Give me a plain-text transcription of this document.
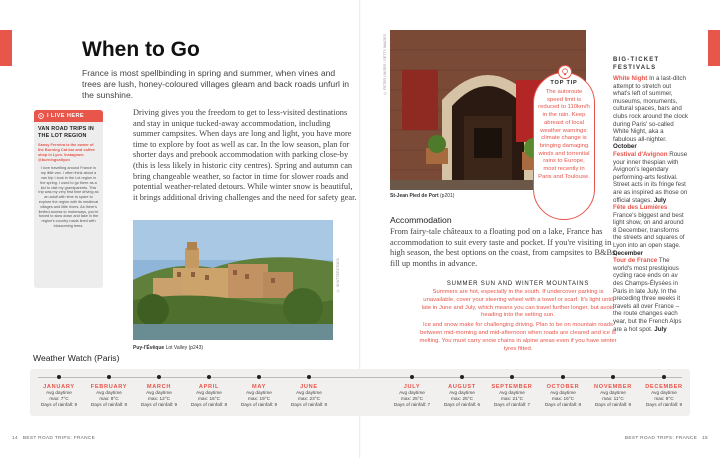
When to Go

France is most spellbinding in spring and summer, when vines and trees are lush, honey-coloured villages gleam and back roads unfurl in the sunshine.

I LIVE HERE
VAN ROAD TRIPS IN THE LOT REGION
Sansy Ferreira is the owner of the Burning Cat bar and coffee shop in Lyon. Instagram: @burningcatlyon
I love travelling around France in my little van. I often think about a van trip I took in the Lot region in the spring. I used to go there as a kid to visit my grandparents. This trip was my very first time driving as an adult with time to spare to explore the region with its medieval villages and little rivers. As there's limited access to motorways, you're forced to slow down and take in the region's country roads lined with blossoming trees.

Driving gives you the freedom to get to less-visited destinations and stay in unique tucked-away accommodation, including summer campsites. When days are long and light, you have more time to explore by foot as well as car. In the low season, plan for shorter days and prebook accommodation with parking close-by (this is less likely in historic city centres). Spring and autumn can bring changeable weather, so factor in time for slower roads and potential weather-related detours. While winter snow is beautiful, it brings additional driving challenges and the need for safety gear.

Puy-l'Évêque Lot Valley (p243)
© SHUTTERSTOCK
St-Jean Pied de Port (p201)
© PETER UNGER / GETTY IMAGES	TOP TIP
The autoroute speed limit is reduced to 110km/h in the rain. Keep abreast of local weather warnings: climate change is bringing damaging winds and torrential rains to Europe, most recently in Paris and Toulouse.
Accommodation

From fairy-tale châteaux to a floating pod on a lake, France has accommodation to suit every taste and pocket. If you're visiting in high season, the best options on the coast, from campsites to B&Bs, fill up months in advance.

SUMMER SUN AND WINTER MOUNTAINS

Summers are hot, especially in the south. If undercover parking is unavailable, cover your steering wheel with a towel or scarf. It's light until late in June and July, which means you can travel further longer, but avoid heading into the setting sun.

Ice and snow make for challenging driving. Plan to be on mountain roads between mid-morning and mid-afternoon when roads are cleared and ice is melting. You must carry snow chains in alpine areas even if you have winter tyres fitted.

BIG-TICKET
FESTIVALS

White Night In a last-ditch attempt to stretch out what's left of summer, museums, monuments, cultural spaces, bars and clubs rock around the clock during Paris' so-called White Night, aka a fabulous all-nighter. October

Festival d'Avignon Rouse your inner thespian with Avignon's legendary performing-arts festival. Street acts in its fringe fest are as inspired as those on official stages. July

Fête des Lumières France's biggest and best light show, on and around 8 December, transforms the streets and squares of Lyon into an open stage. December

Tour de France The world's most prestigious cycling race ends on av des Champs-Élysées in Paris in late July. In the preceding three weeks it travels all over France – the route changes each year, but the French Alps are a hot spot. July

Weather Watch (Paris)
JANUARY
Avg daytime
max: 7°C
Days of rainfall: 9
FEBRUARY
Avg daytime
max: 8°C
Days of rainfall: 8
MARCH
Avg daytime
max: 12°C
Days of rainfall: 9
APRIL
Avg daytime
max: 16°C
Days of rainfall: 8
MAY
Avg daytime
max: 19°C
Days of rainfall: 9
JUNE
Avg daytime
max: 23°C
Days of rainfall: 8
JULY
Avg daytime
max: 25°C
Days of rainfall: 7
AUGUST
Avg daytime
max: 25°C
Days of rainfall: 6
SEPTEMBER
Avg daytime
max: 21°C
Days of rainfall: 7
OCTOBER
Avg daytime
max: 16°C
Days of rainfall: 8
NOVEMBER
Avg daytime
max: 11°C
Days of rainfall: 9
DECEMBER
Avg daytime
max: 8°C
Days of rainfall: 9
14 BEST ROAD TRIPS: FRANCE	BEST ROAD TRIPS: FRANCE 15
